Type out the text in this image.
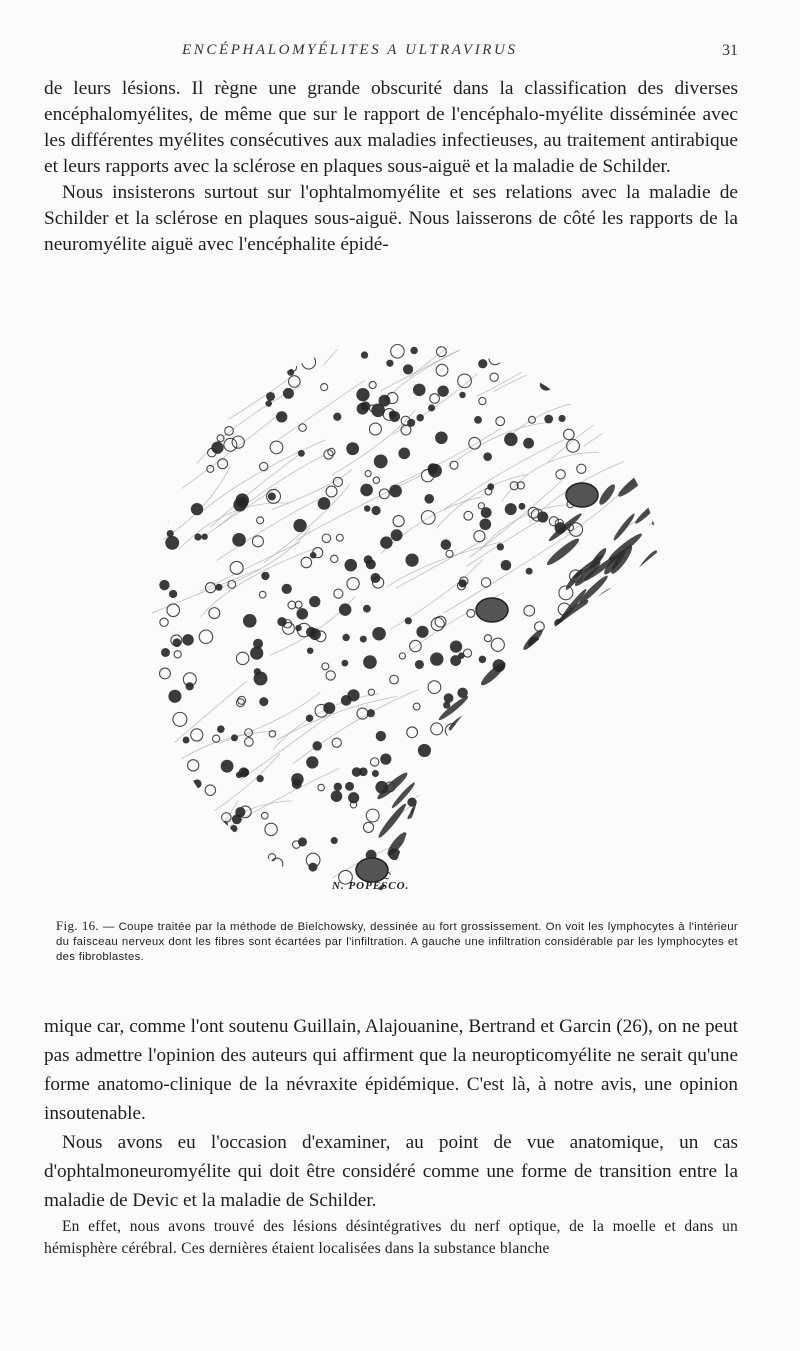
ENCÉPHALOMYÉLITES A ULTRAVIRUS	31

de leurs lésions. Il règne une grande obscurité dans la classification des diverses encéphalomyélites, de même que sur le rapport de l'encéphalo-myélite disséminée avec les différentes myélites consécutives aux maladies infectieuses, au traitement antirabique et leurs rapports avec la sclérose en plaques sous-aiguë et la maladie de Schilder.

Nous insisterons surtout sur l'ophtalmomyélite et ses relations avec la maladie de Schilder et la sclérose en plaques sous-aiguë. Nous laisserons de côté les rapports de la neuromyélite aiguë avec l'encéphalite épidé-

N. POPESCO.
Fig. 16. — Coupe traitée par la méthode de Bielchowsky, dessinée au fort grossissement. On voit les lymphocytes à l'intérieur du faisceau nerveux dont les fibres sont écartées par l'infiltration. A gauche une infiltration considérable par les lymphocytes et des fibroblastes.

mique car, comme l'ont soutenu Guillain, Alajouanine, Bertrand et Garcin (26), on ne peut pas admettre l'opinion des auteurs qui affirment que la neuropticomyélite ne serait qu'une forme anatomo-clinique de la névraxite épidémique. C'est là, à notre avis, une opinion insoutenable.

Nous avons eu l'occasion d'examiner, au point de vue anatomique, un cas d'ophtalmoneuromyélite qui doit être considéré comme une forme de transition entre la maladie de Devic et la maladie de Schilder.

En effet, nous avons trouvé des lésions désintégratives du nerf optique, de la moelle et dans un hémisphère cérébral. Ces dernières étaient localisées dans la substance blanche
